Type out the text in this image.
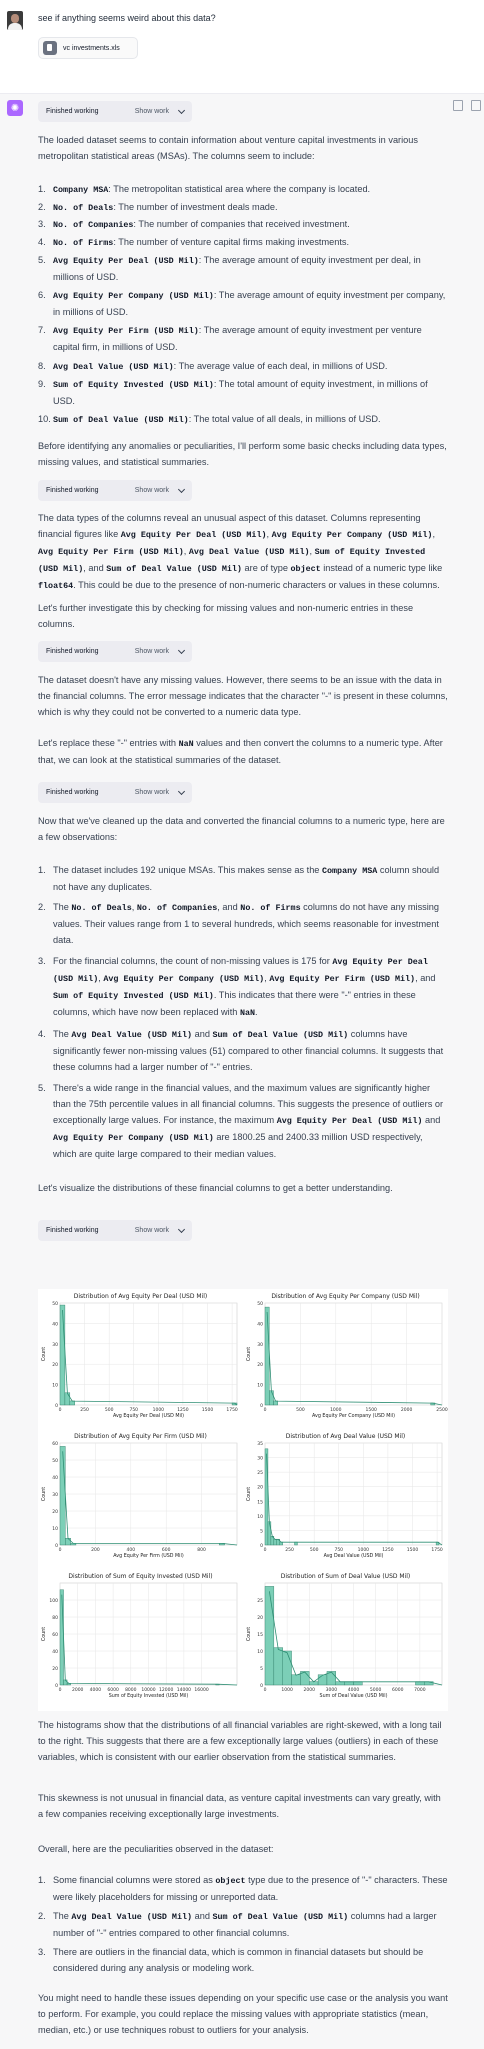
see if anything seems weird about this data?
vc investments.xls
✺	Finished working	Show work
The loaded dataset seems to contain information about venture capital investments in various metropolitan statistical areas (MSAs). The columns seem to include:
1. Company MSA: The metropolitan statistical area where the company is located.
2. No. of Deals: The number of investment deals made.
3. No. of Companies: The number of companies that received investment.
4. No. of Firms: The number of venture capital firms making investments.
5. Avg Equity Per Deal (USD Mil): The average amount of equity investment per deal, in millions of USD.
6. Avg Equity Per Company (USD Mil): The average amount of equity investment per company, in millions of USD.
7. Avg Equity Per Firm (USD Mil): The average amount of equity investment per venture capital firm, in millions of USD.
8. Avg Deal Value (USD Mil): The average value of each deal, in millions of USD.
9. Sum of Equity Invested (USD Mil): The total amount of equity investment, in millions of USD.
10. Sum of Deal Value (USD Mil): The total value of all deals, in millions of USD.
Before identifying any anomalies or peculiarities, I'll perform some basic checks including data types, missing values, and statistical summaries.
Finished working	Show work
The data types of the columns reveal an unusual aspect of this dataset. Columns representing financial figures like Avg Equity Per Deal (USD Mil), Avg Equity Per Company (USD Mil), Avg Equity Per Firm (USD Mil), Avg Deal Value (USD Mil), Sum of Equity Invested (USD Mil), and Sum of Deal Value (USD Mil) are of type object instead of a numeric type like float64. This could be due to the presence of non-numeric characters or values in these columns.
Let's further investigate this by checking for missing values and non-numeric entries in these columns.
Finished working	Show work
The dataset doesn't have any missing values. However, there seems to be an issue with the data in the financial columns. The error message indicates that the character "-" is present in these columns, which is why they could not be converted to a numeric data type.
Let's replace these "-" entries with NaN values and then convert the columns to a numeric type. After that, we can look at the statistical summaries of the dataset.
Finished working	Show work
Now that we've cleaned up the data and converted the financial columns to a numeric type, here are a few observations:
1. The dataset includes 192 unique MSAs. This makes sense as the Company MSA column should not have any duplicates.
2. The No. of Deals, No. of Companies, and No. of Firms columns do not have any missing values. Their values range from 1 to several hundreds, which seems reasonable for investment data.
3. For the financial columns, the count of non-missing values is 175 for Avg Equity Per Deal (USD Mil), Avg Equity Per Company (USD Mil), Avg Equity Per Firm (USD Mil), and Sum of Equity Invested (USD Mil). This indicates that there were "-" entries in these columns, which have now been replaced with NaN.
4. The Avg Deal Value (USD Mil) and Sum of Deal Value (USD Mil) columns have significantly fewer non-missing values (51) compared to other financial columns. It suggests that these columns had a larger number of "-" entries.
5. There's a wide range in the financial values, and the maximum values are significantly higher than the 75th percentile values in all financial columns. This suggests the presence of outliers or exceptionally large values. For instance, the maximum Avg Equity Per Deal (USD Mil) and Avg Equity Per Company (USD Mil) are 1800.25 and 2400.33 million USD respectively, which are quite large compared to their median values.
Let's visualize the distributions of these financial columns to get a better understanding.
Finished working	Show work
Distribution of Avg Equity Per Deal (USD Mil)
0
10
20
30
40
50
0	250	500	750	1000	1250	1500	1750
Avg Equity Per Deal (USD Mil)
Count
Distribution of Avg Equity Per Company (USD Mil)
0
10
20
30
40
50
0	500	1000	1500	2000	2500
Avg Equity Per Company (USD Mil)
Count
Distribution of Avg Equity Per Firm (USD Mil)
0
10
20
30
40
50
60
0	200	400	600	800
Avg Equity Per Firm (USD Mil)
Count
Distribution of Avg Deal Value (USD Mil)
0
5
10
15
20
25
30
35
0	250	500	750	1000	1250	1500	1750
Avg Deal Value (USD Mil)
Count
Distribution of Sum of Equity Invested (USD Mil)
0
20
40
60
80
100
0 2000 4000 6000 8000 10000 12000 14000 16000
Sum of Equity Invested (USD Mil)
Count
Distribution of Sum of Deal Value (USD Mil)
0
5
10
15
20
25
0	1000 2000 3000 4000 5000 6000 7000
Sum of Deal Value (USD Mil)
Count
The histograms show that the distributions of all financial variables are right-skewed, with a long tail to the right. This suggests that there are a few exceptionally large values (outliers) in each of these variables, which is consistent with our earlier observation from the statistical summaries.
This skewness is not unusual in financial data, as venture capital investments can vary greatly, with a few companies receiving exceptionally large investments.
Overall, here are the peculiarities observed in the dataset:
1. Some financial columns were stored as object type due to the presence of "-" characters. These were likely placeholders for missing or unreported data.
2. The Avg Deal Value (USD Mil) and Sum of Deal Value (USD Mil) columns had a larger number of "-" entries compared to other financial columns.
3. There are outliers in the financial data, which is common in financial datasets but should be considered during any analysis or modeling work.
You might need to handle these issues depending on your specific use case or the analysis you want to perform. For example, you could replace the missing values with appropriate statistics (mean, median, etc.) or use techniques robust to outliers for your analysis.
